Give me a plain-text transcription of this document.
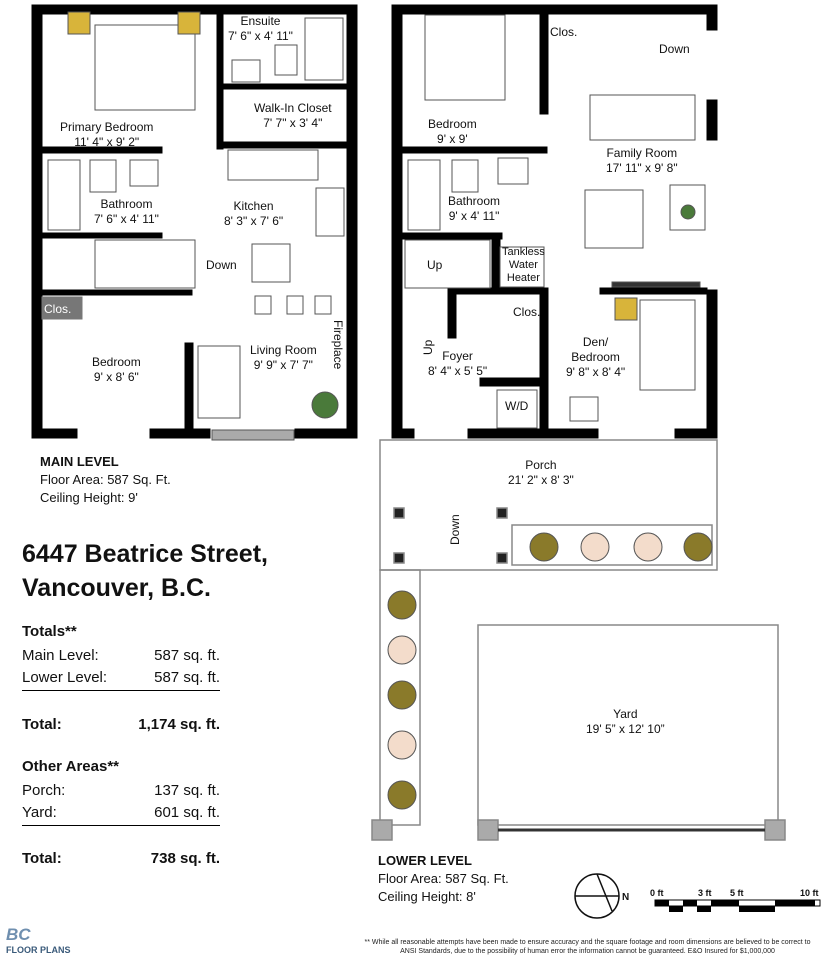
Ensuite
7' 6" x 4' 11"
Walk-In Closet
7' 7" x 3' 4"
Primary Bedroom
11' 4" x 9' 2"
Bathroom
7' 6" x 4' 11"
Kitchen
8' 3" x 7' 6"
Down
Clos.
Bedroom
9' x 8' 6"
Living Room
9' 9" x 7' 7"	Fireplace
MAIN LEVEL
Floor Area: 587 Sq. Ft.
Ceiling Height: 9'
Clos.
Down
Bedroom
9' x 9'
Family Room
17' 11" x 9' 8"
Bathroom
9' x 4' 11"
Up
Tankless
Water
Heater
Clos.
Up
Foyer
8' 4" x 5' 5"
Den/
Bedroom
9' 8" x 8' 4"
W/D
Porch
21' 2" x 8' 3"
Down
Yard
19' 5” x 12' 10”
LOWER LEVEL
Floor Area: 587 Sq. Ft.
Ceiling Height: 8'
6447 Beatrice Street,
Vancouver, B.C.
Totals**
Main Level:	587 sq. ft.
Lower Level:	587 sq. ft.
Total:	1,174 sq. ft.
Other Areas**
Porch:	137 sq. ft.
Yard:	601 sq. ft.
Total:	738 sq. ft.
N 0 ft	3 ft 5 ft	10 ft
** While all reasonable attempts have been made to ensure accuracy and the square footage and room dimensions are believed to be correct to ANSI Standards, due to the possibility of human error the information cannot be guaranteed. E&O Insured for $1,000,000
BC
FLOOR PLANS
